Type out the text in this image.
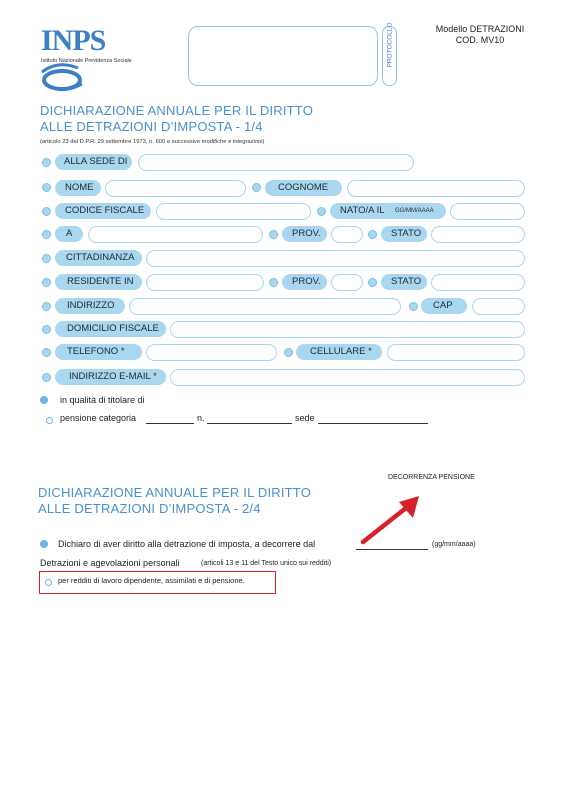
INPS
Istituto Nazionale Previdenza Sociale	PROTOCOLLO	Modello DETRAZIONI
COD. MV10
DICHIARAZIONE ANNUALE PER IL DIRITTO
ALLE DETRAZIONI D’IMPOSTA - 1/4
(articolo 23 del D.P.R. 29 settembre 1973, n. 600 e successive modifiche e integrazioni)
ALLA SEDE DI
NOME	COGNOME
CODICE FISCALE	NATO/A IL GG/MM/AAAA
A	PROV.	STATO
CITTADINANZA
RESIDENTE IN	PROV.	STATO
INDIRIZZO	CAP
DOMICILIO FISCALE
TELEFONO *	CELLULARE *
INDIRIZZO E-MAIL *
in qualità di titolare di
pensione categoria	n.	sede
DECORRENZA PENSIONE
DICHIARAZIONE ANNUALE PER IL DIRITTO
ALLE DETRAZIONI D’IMPOSTA - 2/4
Dichiaro di aver diritto alla detrazione di imposta, a decorrere dal	(gg/mm/aaaa)
Detrazioni e agevolazioni personali	(articoli 13 e 11 del Testo unico sui redditi)
per redditi di lavoro dipendente, assimilati e di pensione.
